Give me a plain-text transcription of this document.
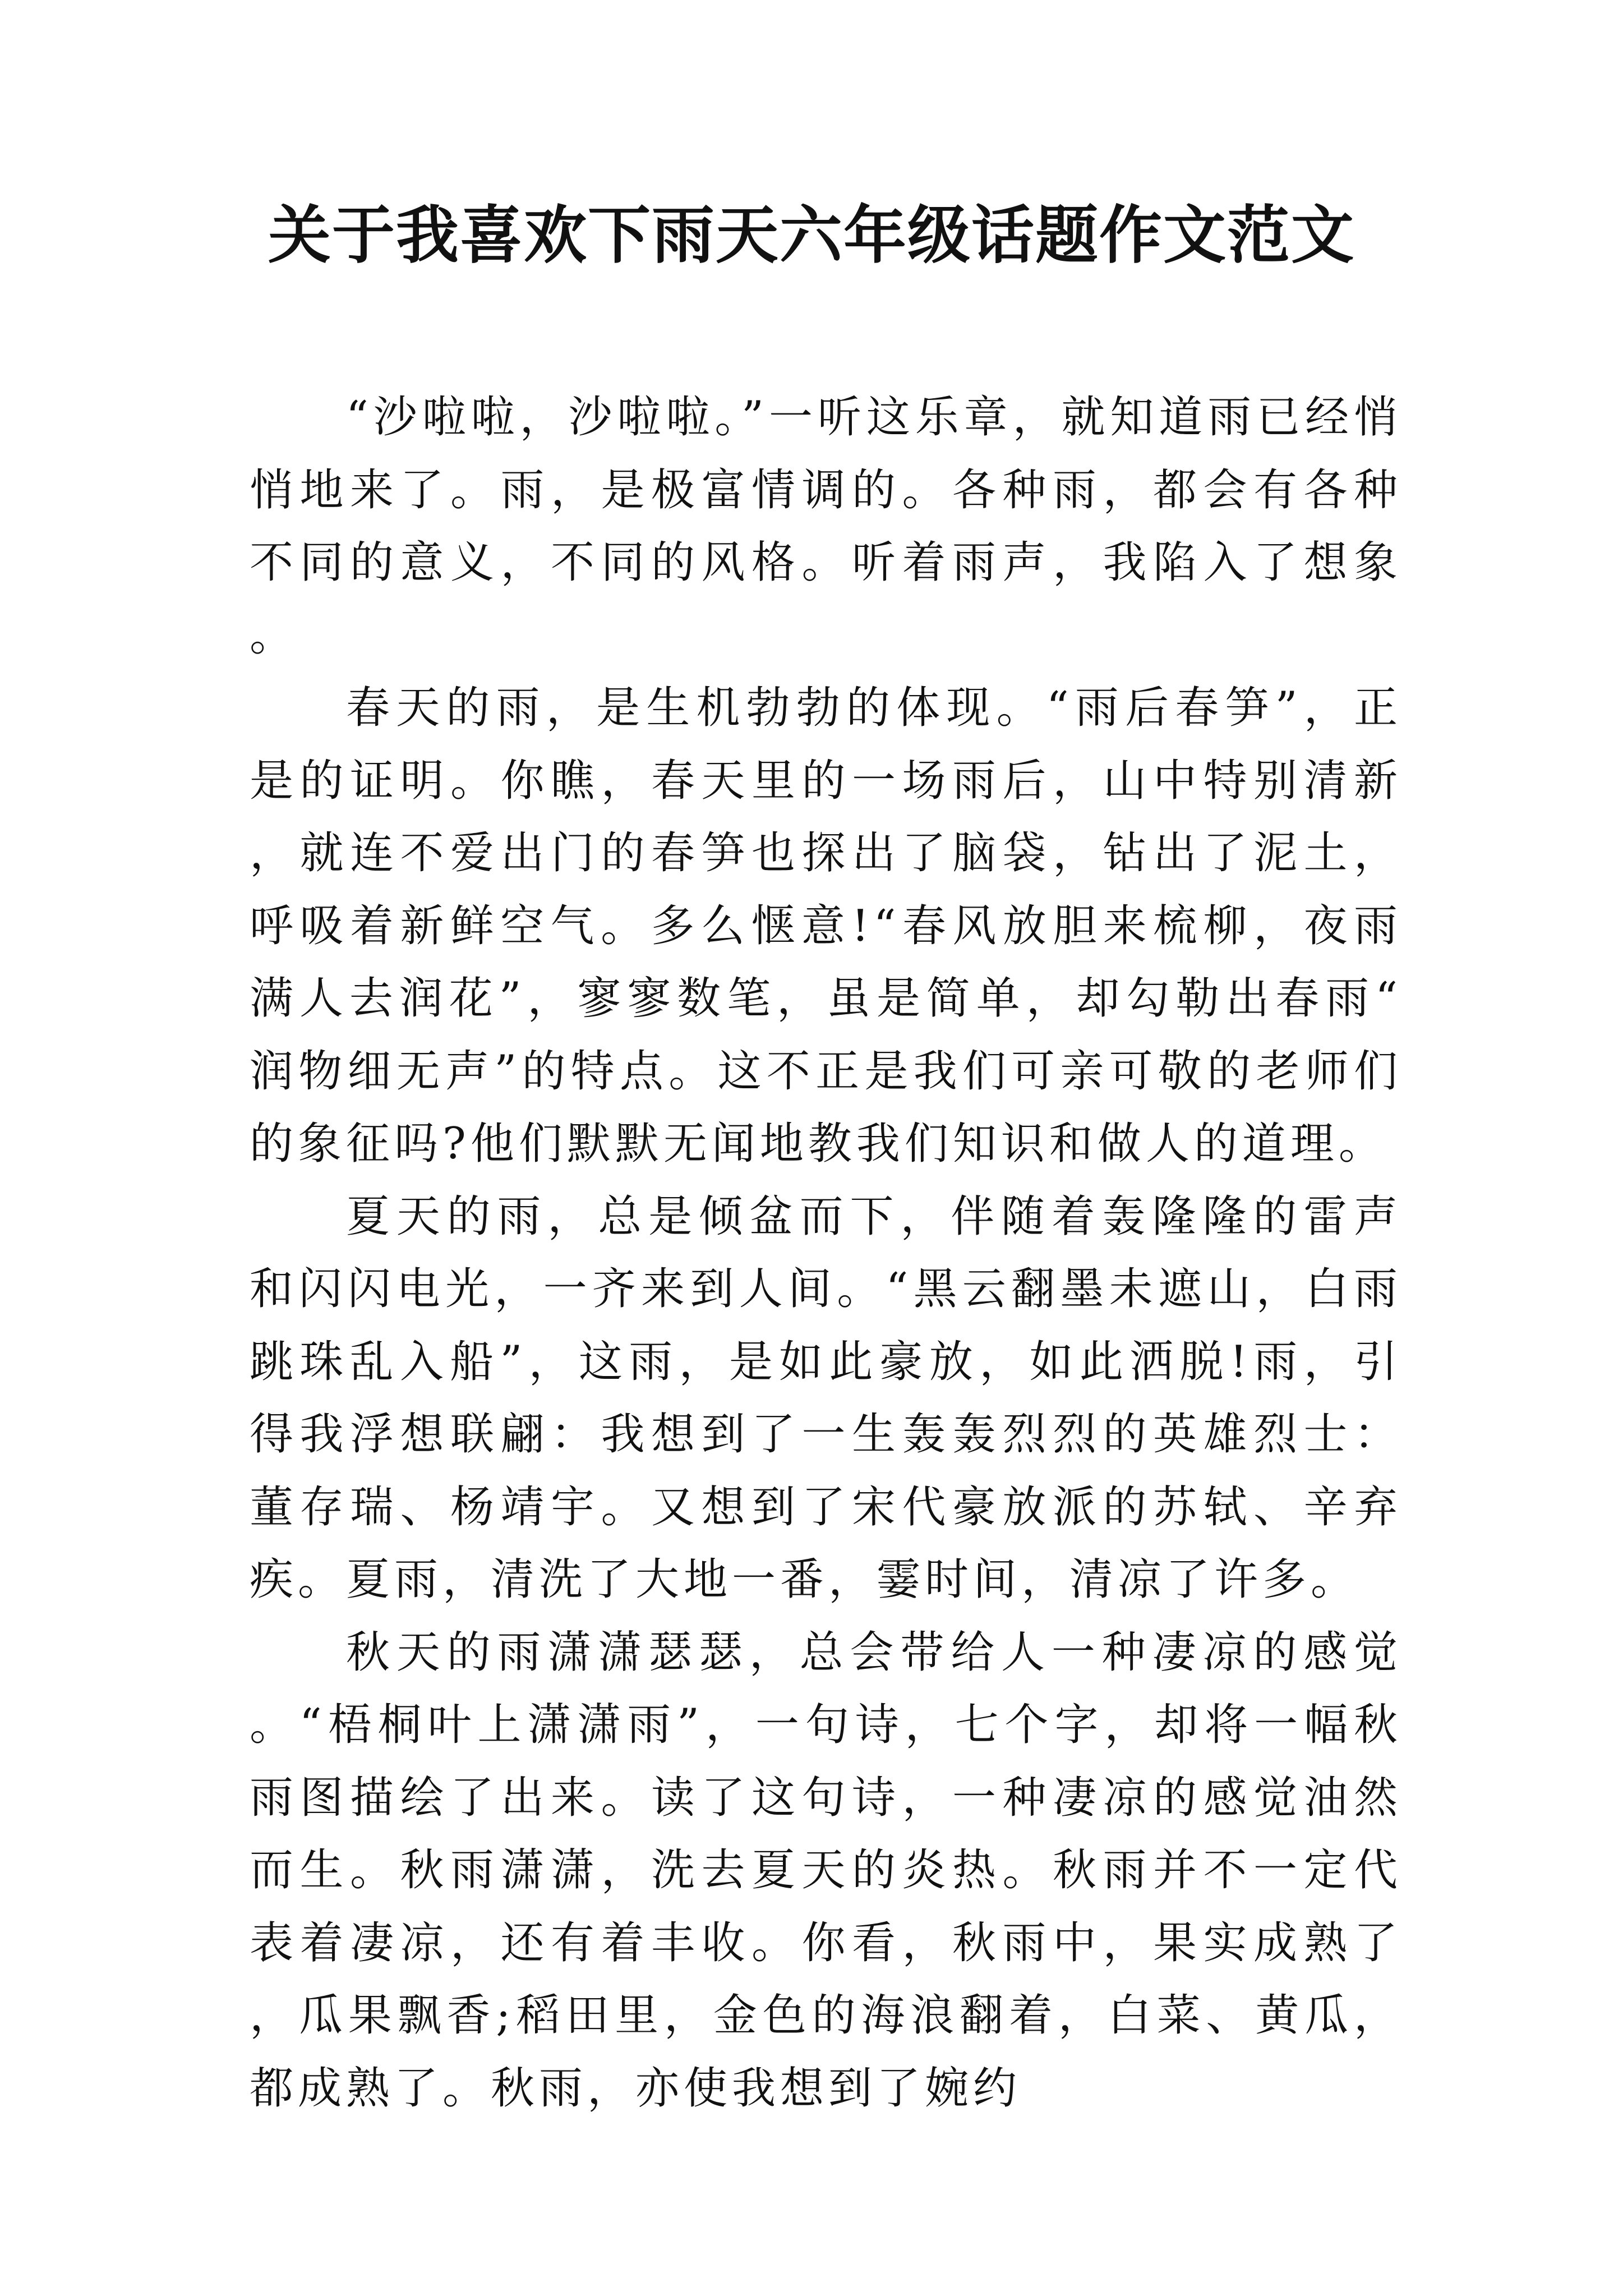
关于我喜欢下雨天六年级话题作文范文

“沙啦啦，沙啦啦。”一听这乐章，就知道雨已经悄悄地来了。雨，是极富情调的。各种雨，都会有各种不同的意义，不同的风格。听着雨声，我陷入了想象。

春天的雨，是生机勃勃的体现。“雨后春笋”，正是的证明。你瞧，春天里的一场雨后，山中特别清新，就连不爱出门的春笋也探出了脑袋，钻出了泥土，呼吸着新鲜空气。多么惬意!“春风放胆来梳柳，夜雨满人去润花”，寥寥数笔，虽是简单，却勾勒出春雨“润物细无声”的特点。这不正是我们可亲可敬的老师们的象征吗?他们默默无闻地教我们知识和做人的道理。

夏天的雨，总是倾盆而下，伴随着轰隆隆的雷声和闪闪电光，一齐来到人间。“黑云翻墨未遮山，白雨跳珠乱入船”，这雨，是如此豪放，如此洒脱!雨，引得我浮想联翩：我想到了一生轰轰烈烈的英雄烈士：董存瑞、杨靖宇。又想到了宋代豪放派的苏轼、辛弃疾。夏雨，清洗了大地一番，霎时间，清凉了许多。

秋天的雨潇潇瑟瑟，总会带给人一种凄凉的感觉。“梧桐叶上潇潇雨”，一句诗，七个字，却将一幅秋雨图描绘了出来。读了这句诗，一种凄凉的感觉油然而生。秋雨潇潇，洗去夏天的炎热。秋雨并不一定代表着凄凉，还有着丰收。你看，秋雨中，果实成熟了，瓜果飘香;稻田里，金色的海浪翻着，白菜、黄瓜，都成熟了。秋雨，亦使我想到了婉约
